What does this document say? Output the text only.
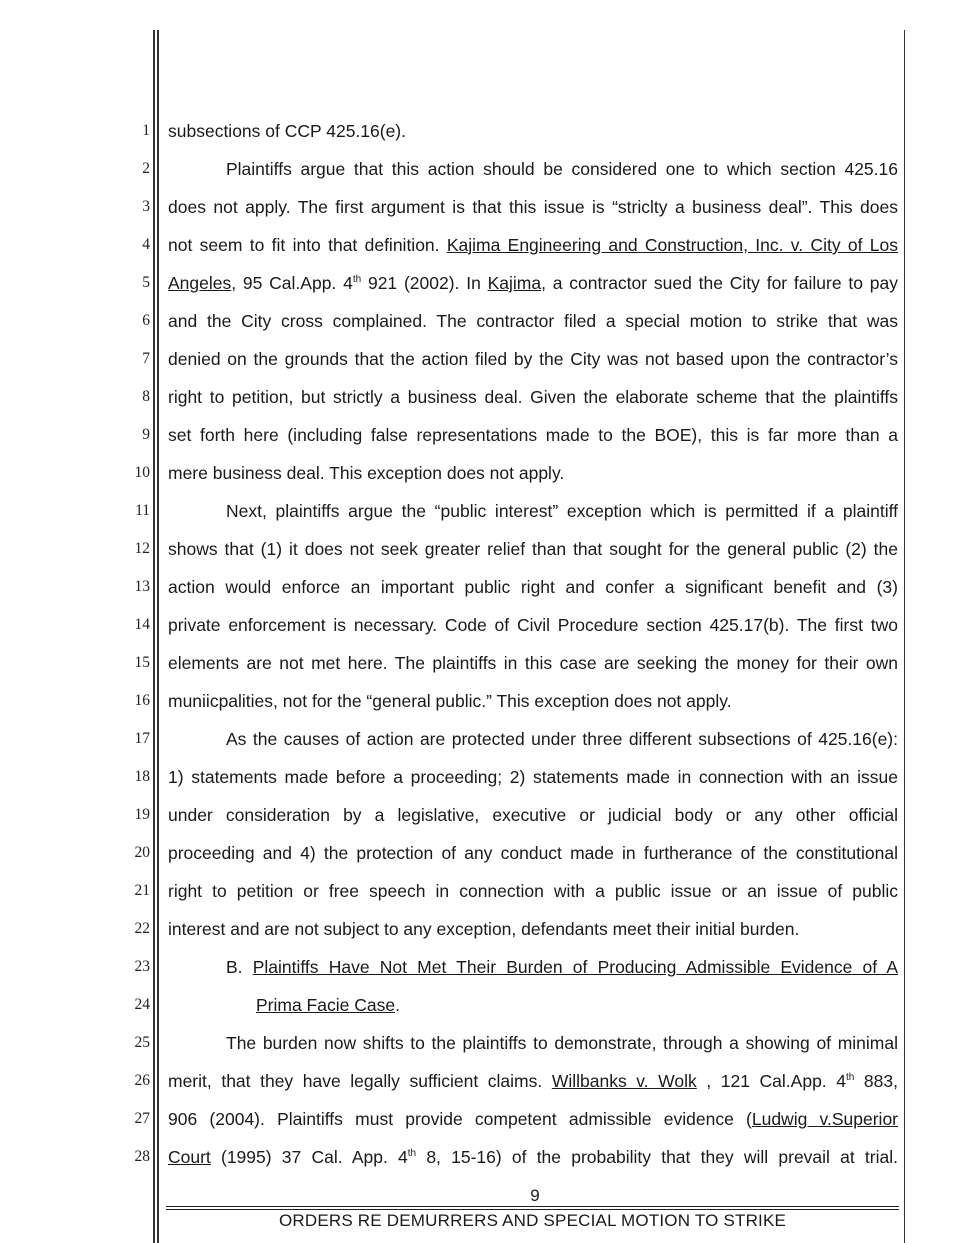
1
2
3
4
5
6
7
8
9
10
11
12
13
14
15
16
17
18
19
20
21
22
23
24
25
26
27
28
subsections of CCP 425.16(e).
Plaintiffs argue that this action should be considered one to which section 425.16
does not apply. The first argument is that this issue is “striclty a business deal”. This does
not seem to fit into that definition. Kajima Engineering and Construction, Inc. v. City of Los
Angeles, 95 Cal.App. 4th 921 (2002). In Kajima, a contractor sued the City for failure to pay
and the City cross complained. The contractor filed a special motion to strike that was
denied on the grounds that the action filed by the City was not based upon the contractor’s
right to petition, but strictly a business deal. Given the elaborate scheme that the plaintiffs
set forth here (including false representations made to the BOE), this is far more than a
mere business deal. This exception does not apply.
Next, plaintiffs argue the “public interest” exception which is permitted if a plaintiff
shows that (1) it does not seek greater relief than that sought for the general public (2) the
action would enforce an important public right and confer a significant benefit and (3)
private enforcement is necessary. Code of Civil Procedure section 425.17(b). The first two
elements are not met here. The plaintiffs in this case are seeking the money for their own
muniicpalities, not for the “general public.” This exception does not apply.
As the causes of action are protected under three different subsections of 425.16(e):
1) statements made before a proceeding; 2) statements made in connection with an issue
under consideration by a legislative, executive or judicial body or any other official
proceeding and 4) the protection of any conduct made in furtherance of the constitutional
right to petition or free speech in connection with a public issue or an issue of public
interest and are not subject to any exception, defendants meet their initial burden.
B. Plaintiffs Have Not Met Their Burden of Producing Admissible Evidence of A
Prima Facie Case.
The burden now shifts to the plaintiffs to demonstrate, through a showing of minimal
merit, that they have legally sufficient claims. Willbanks v. Wolk , 121 Cal.App. 4th 883,
906 (2004). Plaintiffs must provide competent admissible evidence (Ludwig v.Superior
Court (1995) 37 Cal. App. 4th 8, 15-16) of the probability that they will prevail at trial.
9
ORDERS RE DEMURRERS AND SPECIAL MOTION TO STRIKE
